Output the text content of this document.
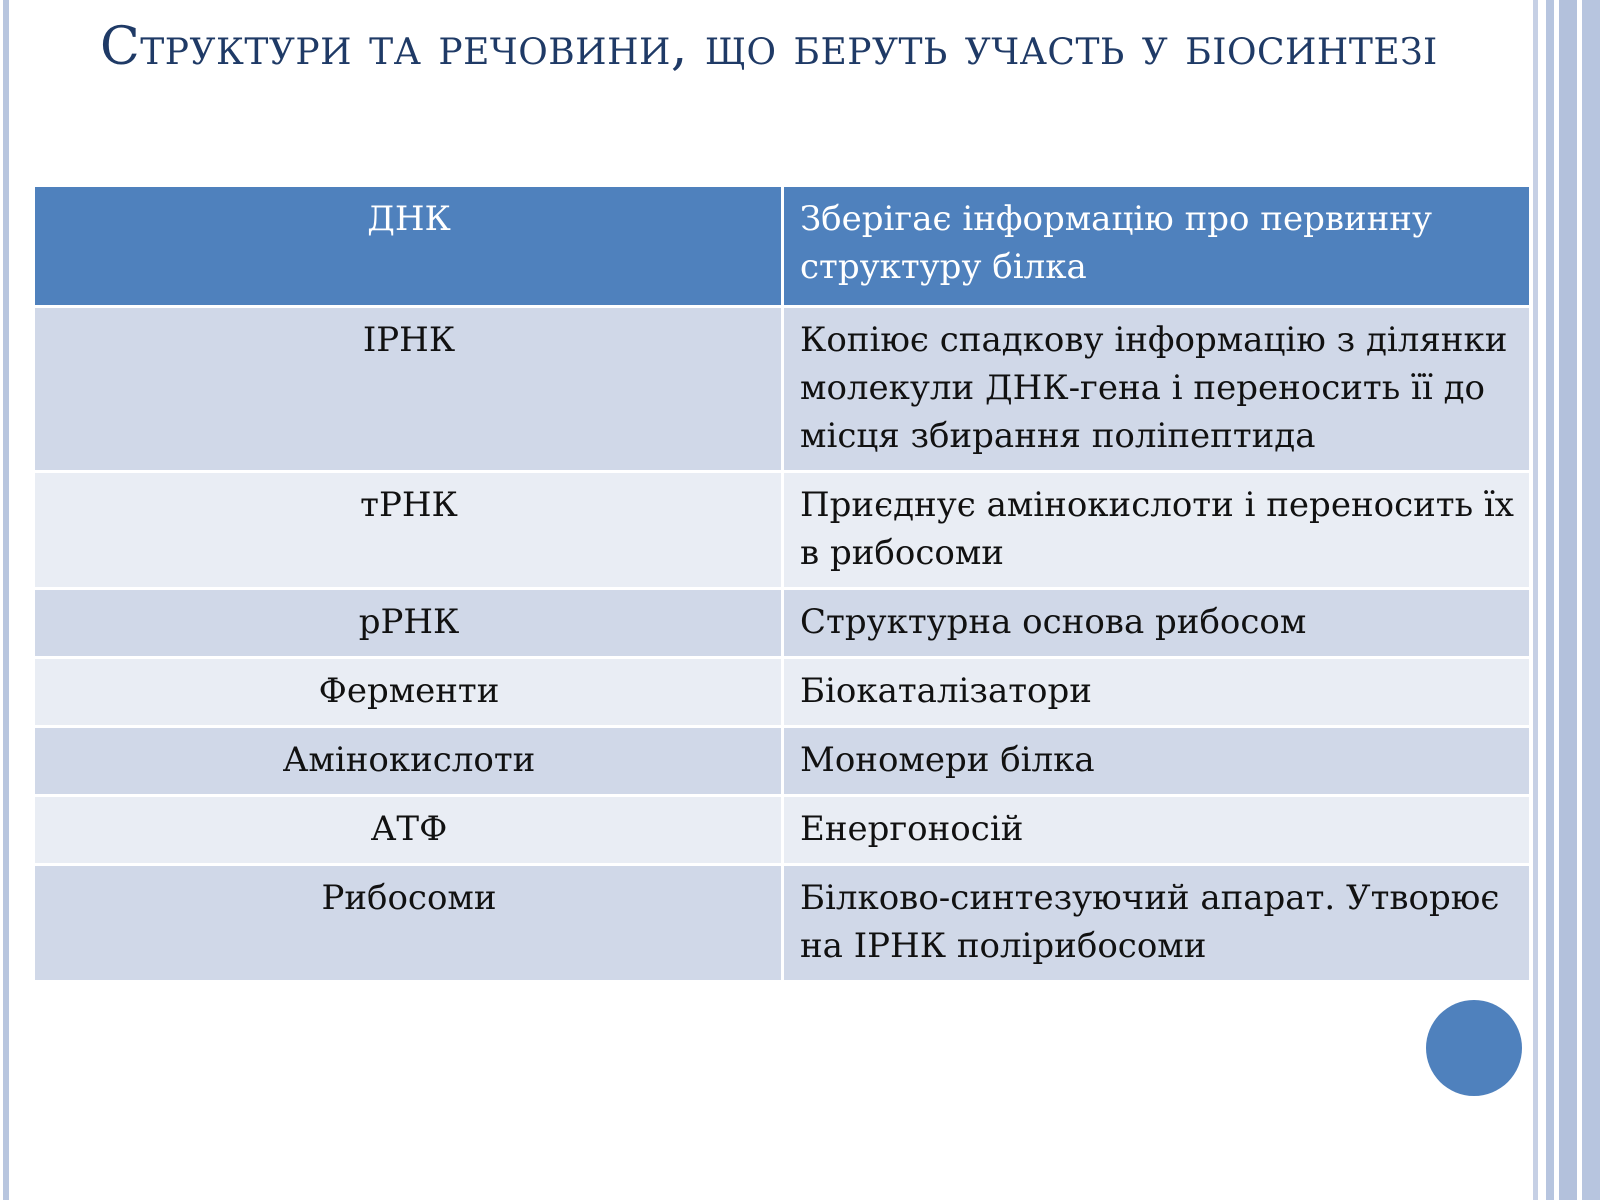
Структури та речовини, що беруть участь у біосинтезі
ДНК	Зберігає інформацію про первинну структуру білка
ІРНК	Копіює спадкову інформацію з ділянки молекули ДНК-гена і переносить її до місця збирання поліпептида
тРНК	Приєднує амінокислоти і переносить їх в рибосоми
рРНК	Структурна основа рибосом
Ферменти	Біокаталізатори
Амінокислоти	Мономери білка
АТФ	Енергоносій
Рибосоми	Білково-синтезуючий апарат. Утворює на ІРНК полірибосоми
